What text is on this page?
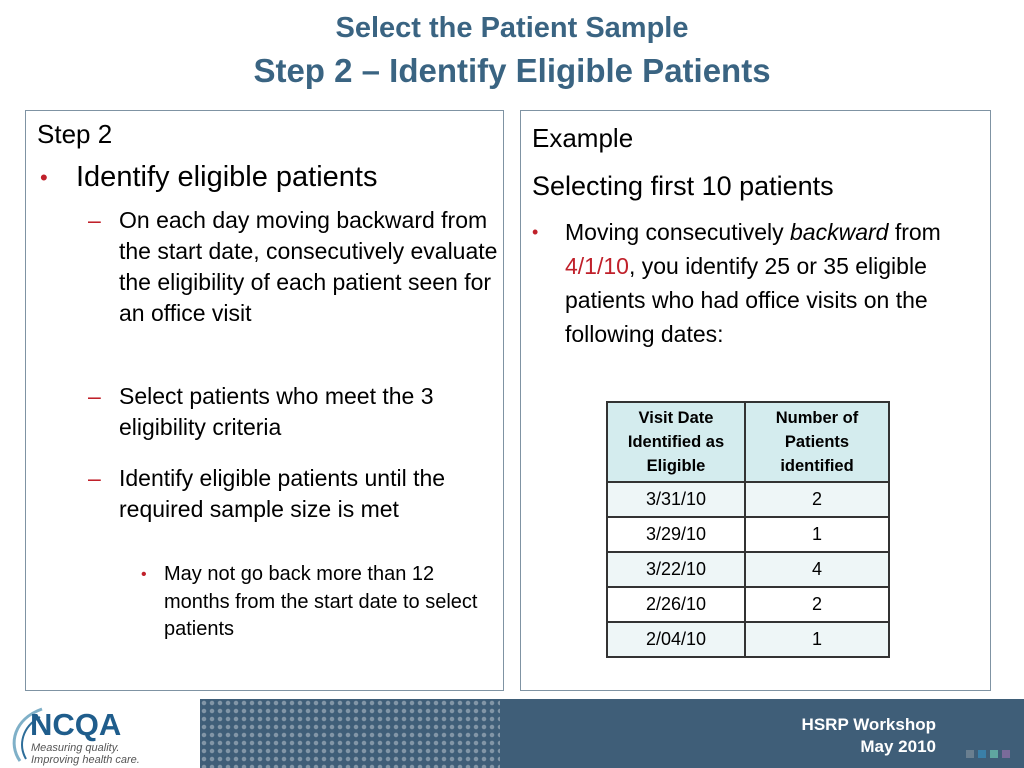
Select the Patient Sample
Step 2 – Identify Eligible Patients
Step 2
• Identify eligible patients
– On each day moving backward from the start date, consecutively evaluate the eligibility of each patient seen for an office visit
– Select patients who meet the 3 eligibility criteria
– Identify eligible patients until the required sample size is met
• May not go back more than 12 months from the start date to select patients
Example
Selecting first 10 patients
• Moving consecutively backward from 4/1/10, you identify 25 or 35 eligible patients who had office visits on the following dates:
Visit Date Identified as Eligible	Number of Patients identified
3/31/10	2
3/29/10	1
3/22/10	4
2/26/10	2
2/04/10	1
NCQA
Measuring quality.
Improving health care.
HSRP Workshop
May 2010
